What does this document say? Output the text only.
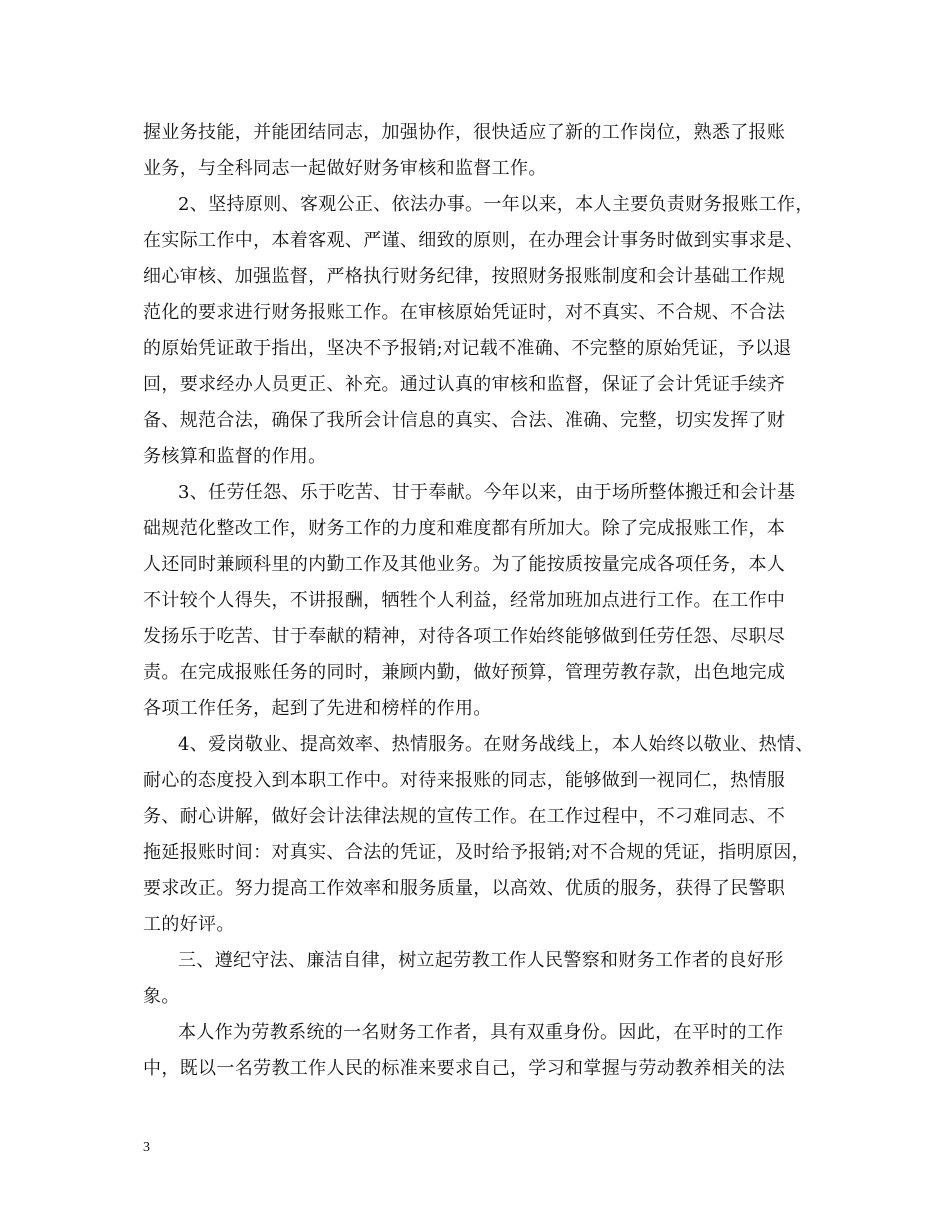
握业务技能，并能团结同志，加强协作，很快适应了新的工作岗位，熟悉了报账
业务，与全科同志一起做好财务审核和监督工作。
2、坚持原则、客观公正、依法办事。一年以来，本人主要负责财务报账工作，
在实际工作中，本着客观、严谨、细致的原则，在办理会计事务时做到实事求是、
细心审核、加强监督，严格执行财务纪律，按照财务报账制度和会计基础工作规
范化的要求进行财务报账工作。在审核原始凭证时，对不真实、不合规、不合法
的原始凭证敢于指出，坚决不予报销;对记载不准确、不完整的原始凭证，予以退
回，要求经办人员更正、补充。通过认真的审核和监督，保证了会计凭证手续齐
备、规范合法，确保了我所会计信息的真实、合法、准确、完整，切实发挥了财
务核算和监督的作用。
3、任劳任怨、乐于吃苦、甘于奉献。今年以来，由于场所整体搬迁和会计基
础规范化整改工作，财务工作的力度和难度都有所加大。除了完成报账工作，本
人还同时兼顾科里的内勤工作及其他业务。为了能按质按量完成各项任务，本人
不计较个人得失，不讲报酬，牺牲个人利益，经常加班加点进行工作。在工作中
发扬乐于吃苦、甘于奉献的精神，对待各项工作始终能够做到任劳任怨、尽职尽
责。在完成报账任务的同时，兼顾内勤，做好预算，管理劳教存款，出色地完成
各项工作任务，起到了先进和榜样的作用。
4、爱岗敬业、提高效率、热情服务。在财务战线上，本人始终以敬业、热情、
耐心的态度投入到本职工作中。对待来报账的同志，能够做到一视同仁，热情服
务、耐心讲解，做好会计法律法规的宣传工作。在工作过程中，不刁难同志、不
拖延报账时间：对真实、合法的凭证，及时给予报销;对不合规的凭证，指明原因，
要求改正。努力提高工作效率和服务质量，以高效、优质的服务，获得了民警职
工的好评。
三、遵纪守法、廉洁自律，树立起劳教工作人民警察和财务工作者的良好形
象。
本人作为劳教系统的一名财务工作者，具有双重身份。因此，在平时的工作
中，既以一名劳教工作人民的标准来要求自己，学习和掌握与劳动教养相关的法
3
